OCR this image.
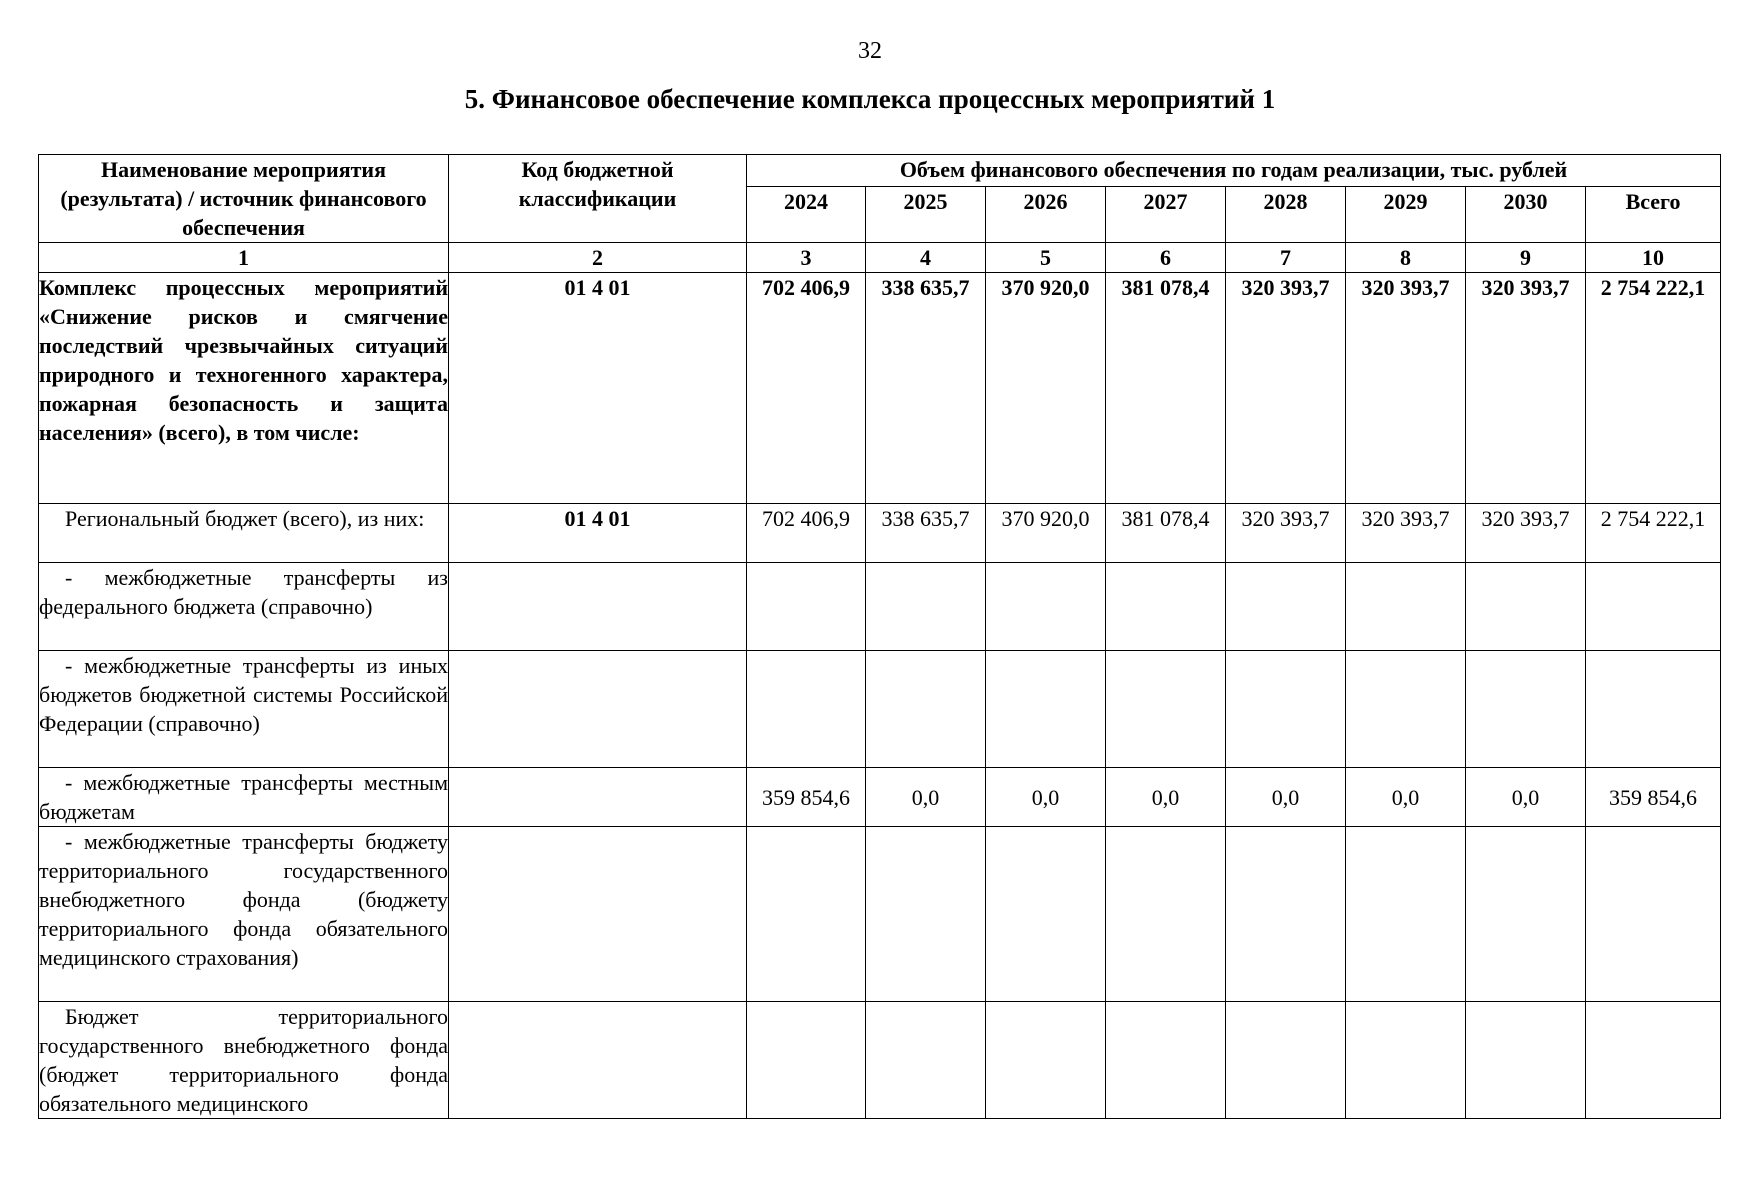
32
5. Финансовое обеспечение комплекса процессных мероприятий 1
Наименование мероприятия (результата) / источник финансового обеспечения	Код бюджетной классификации	Объем финансового обеспечения по годам реализации, тыс. рублей							
		2024	2025	2026	2027	2028	2029	2030	Всего
1	2	3	4	5	6	7	8	9	10
Комплекс процессных мероприятий «Снижение рисков и смягчение последствий чрезвычайных ситуаций природного и техногенного характера, пожарная безопасность и защита населения» (всего), в том числе:	01 4 01	702 406,9	338 635,7	370 920,0	381 078,4	320 393,7	320 393,7	320 393,7	2 754 222,1
Региональный бюджет (всего), из них:	01 4 01	702 406,9	338 635,7	370 920,0	381 078,4	320 393,7	320 393,7	320 393,7	2 754 222,1
- межбюджетные трансферты из федерального бюджета (справочно)									
- межбюджетные трансферты из иных бюджетов бюджетной системы Российской Федерации (справочно)									
- межбюджетные трансферты местным бюджетам		359 854,6	0,0	0,0	0,0	0,0	0,0	0,0	359 854,6
- межбюджетные трансферты бюджету территориального государственного внебюджетного фонда (бюджету территориального фонда обязательного медицинского страхования)									
Бюджет территориального государственного внебюджетного фонда (бюджет территориального фонда обязательного медицинского									
